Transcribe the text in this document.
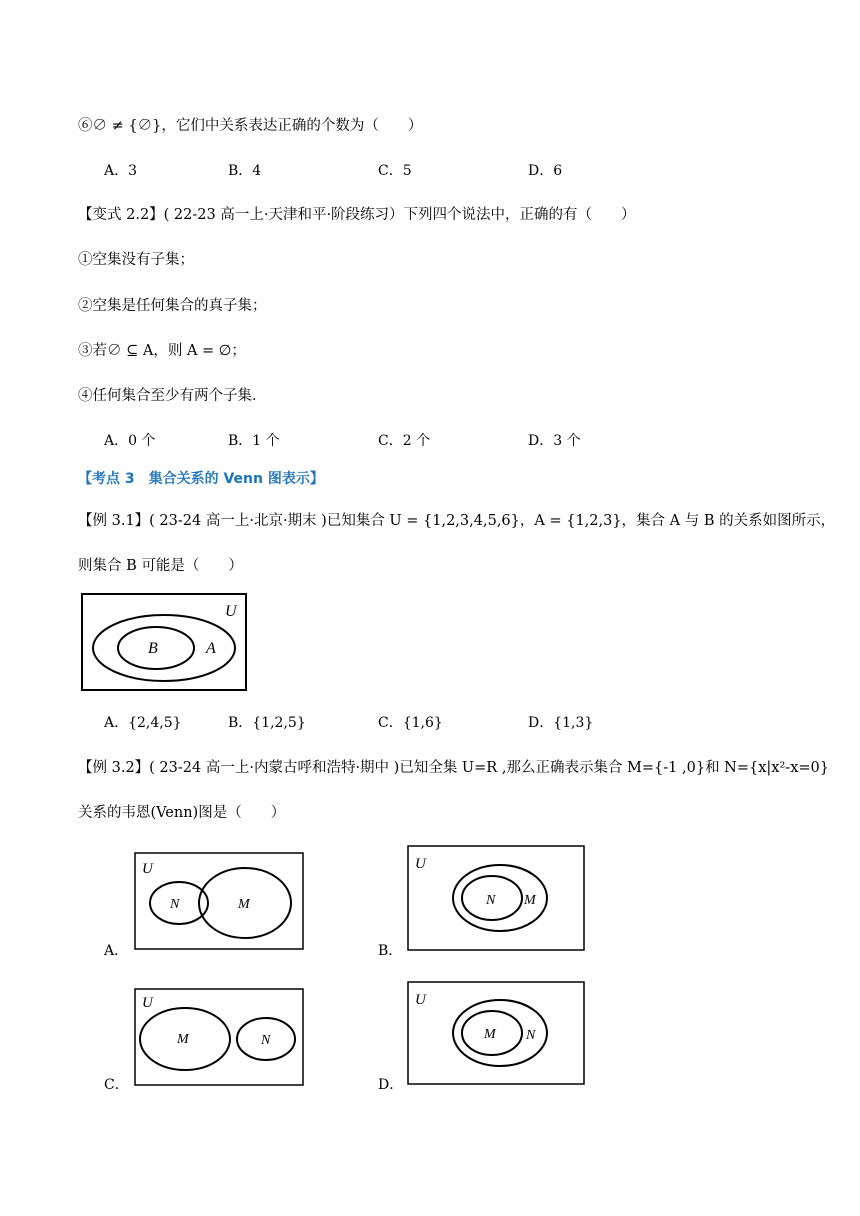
⑥∅ ≠ {∅}，它们中关系表达正确的个数为（　　）
A．3	B．4	C．5	D．6
【变式 2.2】( 22-23 高一上·天津和平·阶段练习）下列四个说法中，正确的有（　　）
①空集没有子集；
②空集是任何集合的真子集；
③若∅ ⊆ A，则 A = ∅；
④任何集合至少有两个子集．
A．0 个	B．1 个	C．2 个	D．3 个
【考点 3　集合关系的 Venn 图表示】
【例 3.1】( 23-24 高一上·北京·期末 )已知集合 U = {1,2,3,4,5,6}，A = {1,2,3}，集合 A 与 B 的关系如图所示，
则集合 B 可能是（　　）
U
B	A
A．{2,4,5}	B．{1,2,5}	C．{1,6}	D．{1,3}
【例 3.2】( 23-24 高一上·内蒙古呼和浩特·期中 )已知全集 U=R ,那么正确表示集合 M={-1 ,0}和 N={x|x²-x=0}
关系的韦恩(Venn)图是（　　）
U
N	M
A．
U
N M
B．
U
M	N
C．
U
M N
D．
